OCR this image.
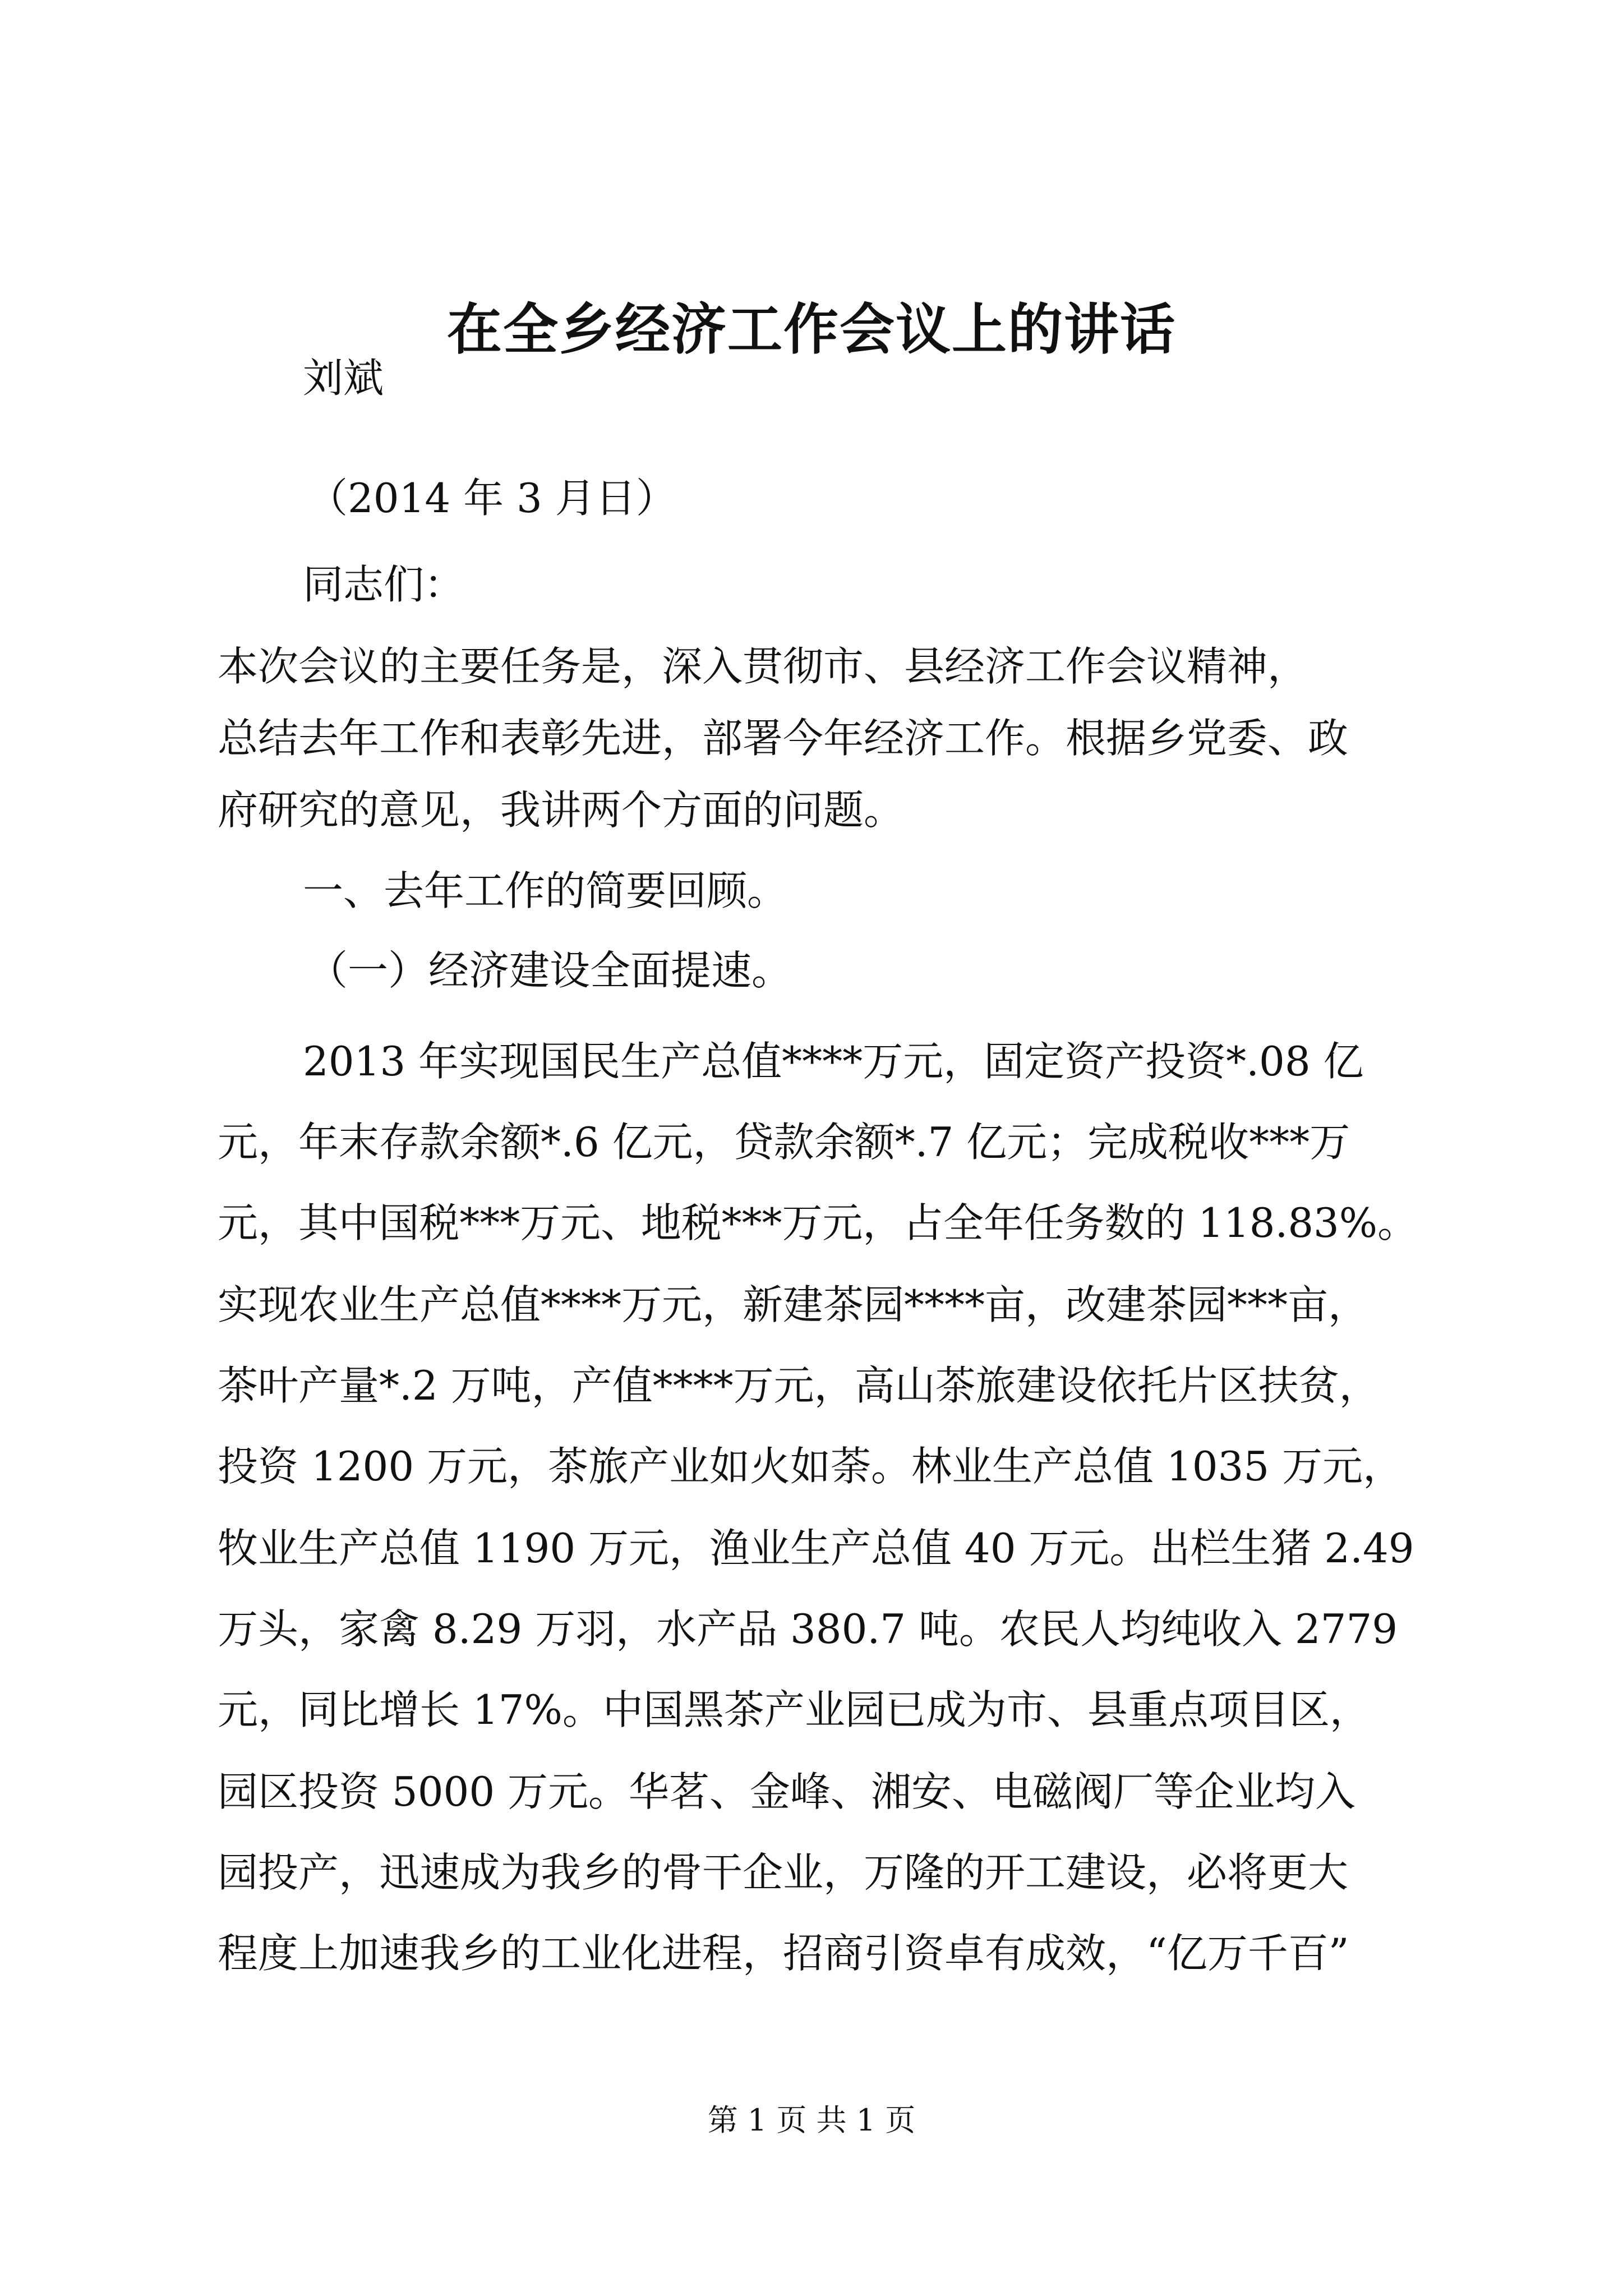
在全乡经济工作会议上的讲话
刘斌
（2014 年 3 月日）
同志们：
本次会议的主要任务是，深入贯彻市、县经济工作会议精神，
总结去年工作和表彰先进，部署今年经济工作。根据乡党委、政
府研究的意见，我讲两个方面的问题。
一、去年工作的简要回顾。
（一）经济建设全面提速。
2013 年实现国民生产总值****万元，固定资产投资*.08 亿
元，年末存款余额*.6 亿元，贷款余额*.7 亿元；完成税收***万
元，其中国税***万元、地税***万元，占全年任务数的 118.83%。
实现农业生产总值****万元，新建茶园****亩，改建茶园***亩，
茶叶产量*.2 万吨，产值****万元，高山茶旅建设依托片区扶贫，
投资 1200 万元，茶旅产业如火如荼。林业生产总值 1035 万元，
牧业生产总值 1190 万元，渔业生产总值 40 万元。出栏生猪 2.49
万头，家禽 8.29 万羽，水产品 380.7 吨。农民人均纯收入 2779
元，同比增长 17%。中国黑茶产业园已成为市、县重点项目区，
园区投资 5000 万元。华茗、金峰、湘安、电磁阀厂等企业均入
园投产，迅速成为我乡的骨干企业，万隆的开工建设，必将更大
程度上加速我乡的工业化进程，招商引资卓有成效，“亿万千百”
第 1 页 共 1 页
